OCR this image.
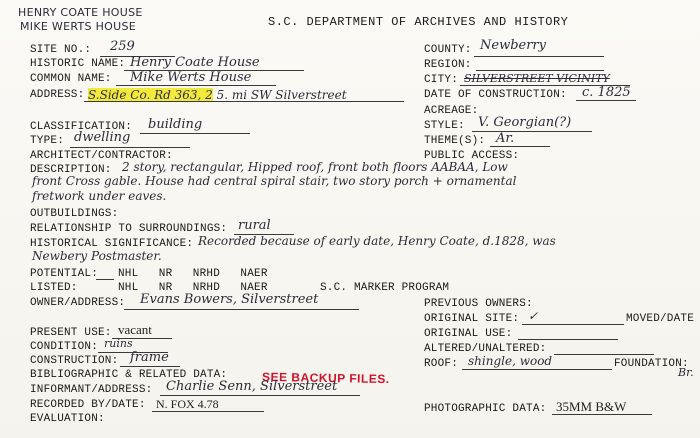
HENRY COATE HOUSE
MIKE WERTS HOUSE	S.C. DEPARTMENT OF ARCHIVES AND HISTORY
SITE NO.: 259
HISTORIC NAME: Henry Coate House
COMMON NAME: Mike Werts House
ADDRESS: S.Side Co. Rd 363, 2 5. mi SW Silverstreet
CLASSIFICATION: building
TYPE: dwelling
ARCHITECT/CONTRACTOR:
DESCRIPTION: 2 story, rectangular, Hipped roof, front both floors AABAA, Low
front Cross gable. House had central spiral stair, two story porch + ornamental
fretwork under eaves.
OUTBUILDINGS:
RELATIONSHIP TO SURROUNDINGS: rural
HISTORICAL SIGNIFICANCE: Recorded because of early date, Henry Coate, d.1828, was
Newbery Postmaster.
POTENTIAL: NHL   NR   NRHD   NAER
LISTED:	NHL   NR   NRHD   NAER	S.C. MARKER PROGRAM
OWNER/ADDRESS: Evans Bowers, Silverstreet
PRESENT USE: vacant
CONDITION: ruins
CONSTRUCTION: frame
BIBLIOGRAPHIC & RELATED DATA:	SEE BACKUP FILES.
INFORMANT/ADDRESS: Charlie Senn, Silverstreet
RECORDED BY/DATE: N. FOX 4.78
EVALUATION:
COUNTY: Newberry
REGION:
CITY: SILVERSTREET VICINITY
DATE OF CONSTRUCTION: c. 1825
ACREAGE:
STYLE: V. Georgian(?)
THEME(S): Ar.
PUBLIC ACCESS:
PREVIOUS OWNERS:
ORIGINAL SITE: ✓	MOVED/DATE
ORIGINAL USE:
ALTERED/UNALTERED:
ROOF: shingle, wood	FOUNDATION:
Br.
PHOTOGRAPHIC DATA: 35MM B&W
